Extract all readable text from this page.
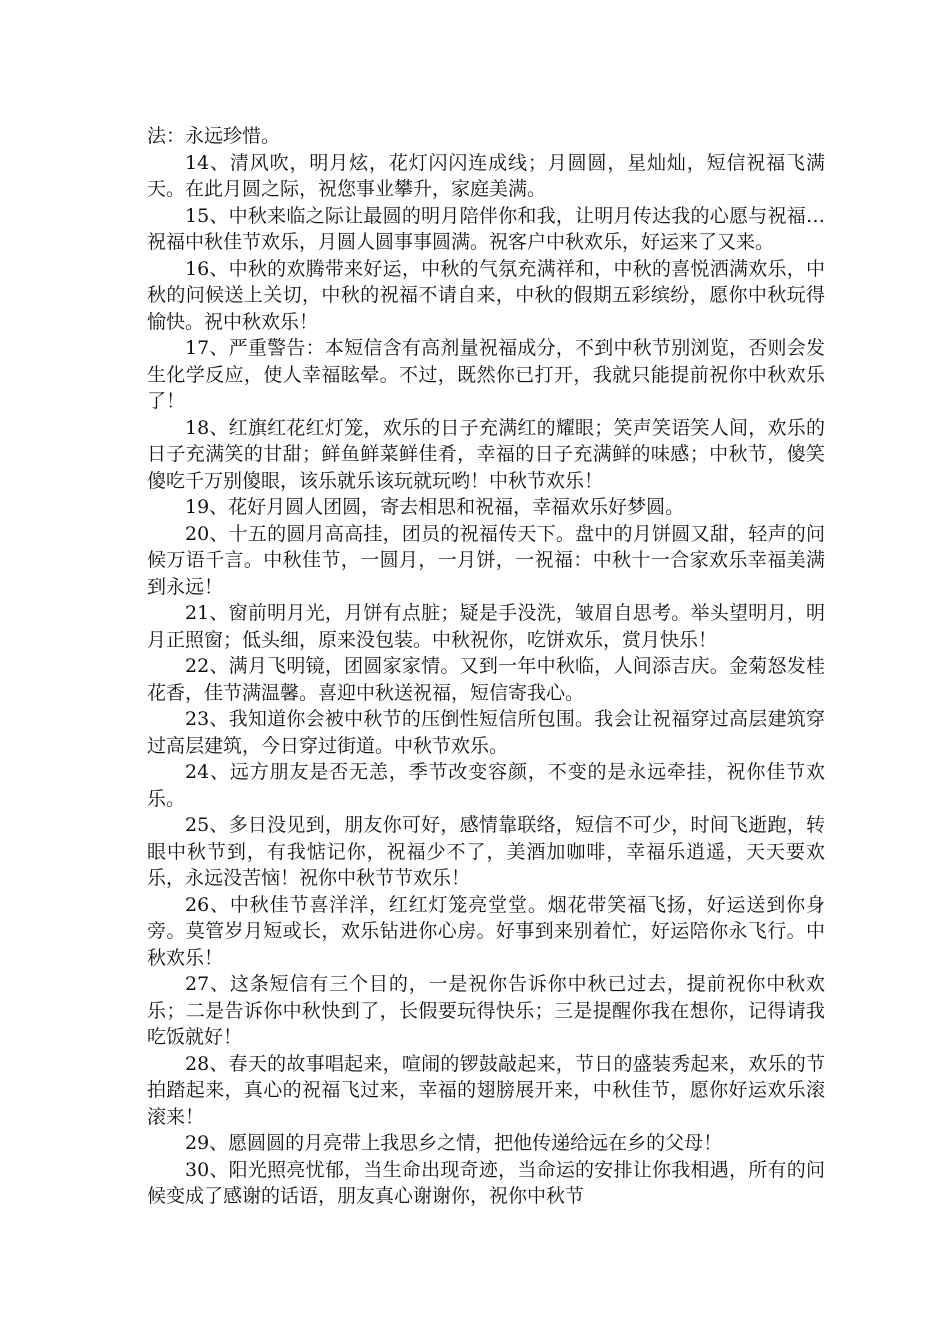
法：永远珍惜。

14、清风吹，明月炫，花灯闪闪连成线；月圆圆，星灿灿，短信祝福飞满天。在此月圆之际，祝您事业攀升，家庭美满。

15、中秋来临之际让最圆的明月陪伴你和我，让明月传达我的心愿与祝福…祝福中秋佳节欢乐，月圆人圆事事圆满。祝客户中秋欢乐，好运来了又来。

16、中秋的欢腾带来好运，中秋的气氛充满祥和，中秋的喜悦洒满欢乐，中秋的问候送上关切，中秋的祝福不请自来，中秋的假期五彩缤纷，愿你中秋玩得愉快。祝中秋欢乐！

17、严重警告：本短信含有高剂量祝福成分，不到中秋节别浏览，否则会发生化学反应，使人幸福眩晕。不过，既然你已打开，我就只能提前祝你中秋欢乐了！

18、红旗红花红灯笼，欢乐的日子充满红的耀眼；笑声笑语笑人间，欢乐的日子充满笑的甘甜；鲜鱼鲜菜鲜佳肴，幸福的日子充满鲜的味感；中秋节，傻笑傻吃千万别傻眼，该乐就乐该玩就玩哟！中秋节欢乐！

19、花好月圆人团圆，寄去相思和祝福，幸福欢乐好梦圆。

20、十五的圆月高高挂，团员的祝福传天下。盘中的月饼圆又甜，轻声的问候万语千言。中秋佳节，一圆月，一月饼，一祝福：中秋十一合家欢乐幸福美满到永远！

21、窗前明月光，月饼有点脏；疑是手没洗，皱眉自思考。举头望明月，明月正照窗；低头细，原来没包装。中秋祝你，吃饼欢乐，赏月快乐！

22、满月飞明镜，团圆家家情。又到一年中秋临，人间添吉庆。金菊怒发桂花香，佳节满温馨。喜迎中秋送祝福，短信寄我心。

23、我知道你会被中秋节的压倒性短信所包围。我会让祝福穿过高层建筑穿过高层建筑，今日穿过街道。中秋节欢乐。

24、远方朋友是否无恙，季节改变容颜，不变的是永远牵挂，祝你佳节欢乐。

25、多日没见到，朋友你可好，感情靠联络，短信不可少，时间飞逝跑，转眼中秋节到，有我惦记你，祝福少不了，美酒加咖啡，幸福乐逍遥，天天要欢乐，永远没苦恼！祝你中秋节节欢乐！

26、中秋佳节喜洋洋，红红灯笼亮堂堂。烟花带笑福飞扬，好运送到你身旁。莫管岁月短或长，欢乐钻进你心房。好事到来别着忙，好运陪你永飞行。中秋欢乐！

27、这条短信有三个目的，一是祝你告诉你中秋已过去，提前祝你中秋欢乐；二是告诉你中秋快到了，长假要玩得快乐；三是提醒你我在想你，记得请我吃饭就好！

28、春天的故事唱起来，喧闹的锣鼓敲起来，节日的盛装秀起来，欢乐的节拍踏起来，真心的祝福飞过来，幸福的翅膀展开来，中秋佳节，愿你好运欢乐滚滚来！

29、愿圆圆的月亮带上我思乡之情，把他传递给远在乡的父母！

30、阳光照亮忧郁，当生命出现奇迹，当命运的安排让你我相遇，所有的问候变成了感谢的话语，朋友真心谢谢你，祝你中秋节
